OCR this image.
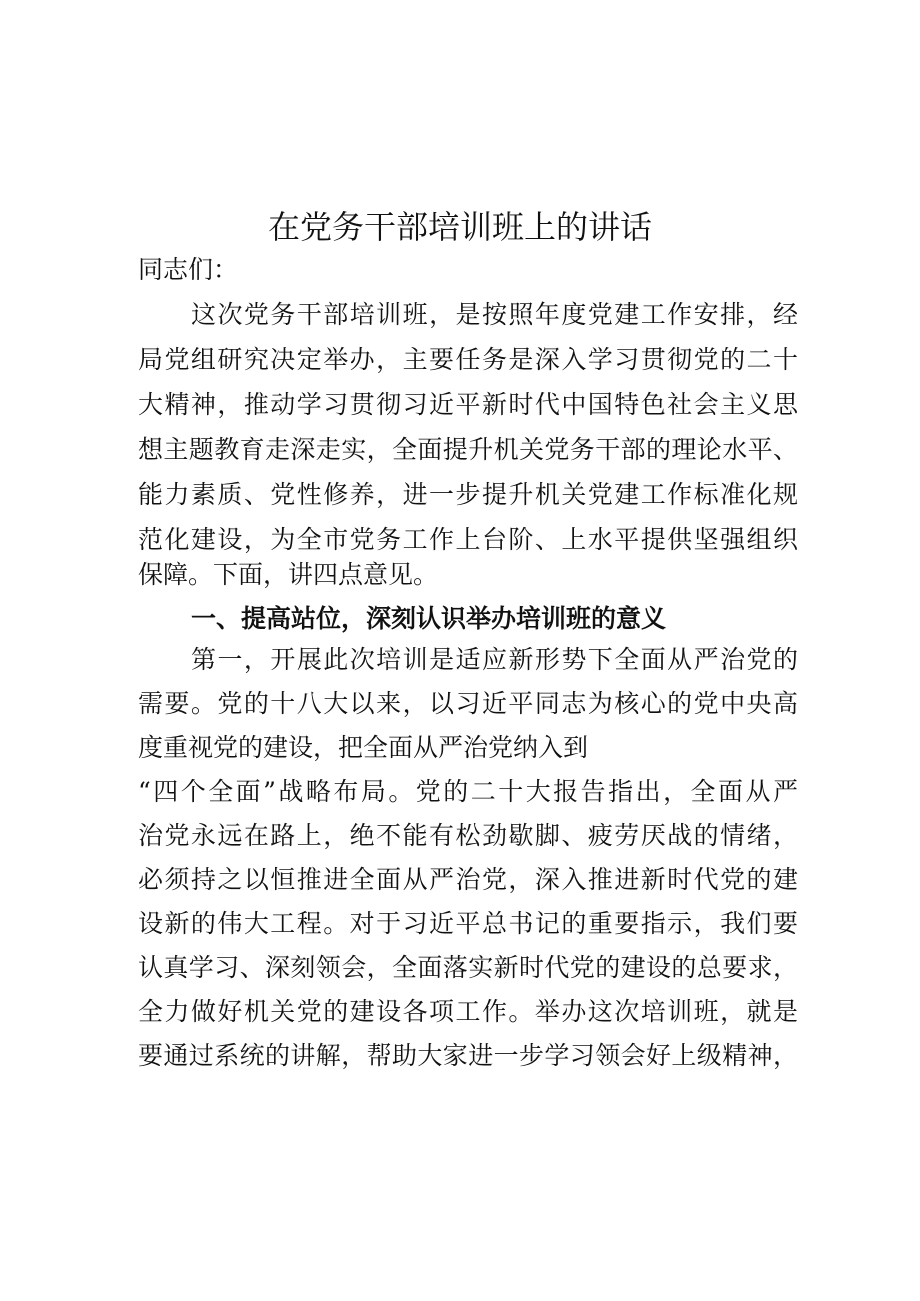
在党务干部培训班上的讲话

同志们：

这次党务干部培训班，是按照年度党建工作安排，经

局党组研究决定举办，主要任务是深入学习贯彻党的二十

大精神，推动学习贯彻习近平新时代中国特色社会主义思

想主题教育走深走实，全面提升机关党务干部的理论水平、

能力素质、党性修养，进一步提升机关党建工作标准化规

范化建设，为全市党务工作上台阶、上水平提供坚强组织

保障。下面，讲四点意见。

一、提高站位，深刻认识举办培训班的意义

第一，开展此次培训是适应新形势下全面从严治党的

需要。党的十八大以来，以习近平同志为核心的党中央高

度重视党的建设，把全面从严治党纳入到

“四个全面”战略布局。党的二十大报告指出，全面从严

治党永远在路上，绝不能有松劲歇脚、疲劳厌战的情绪，

必须持之以恒推进全面从严治党，深入推进新时代党的建

设新的伟大工程。对于习近平总书记的重要指示，我们要

认真学习、深刻领会，全面落实新时代党的建设的总要求，

全力做好机关党的建设各项工作。举办这次培训班，就是

要通过系统的讲解，帮助大家进一步学习领会好上级精神，
